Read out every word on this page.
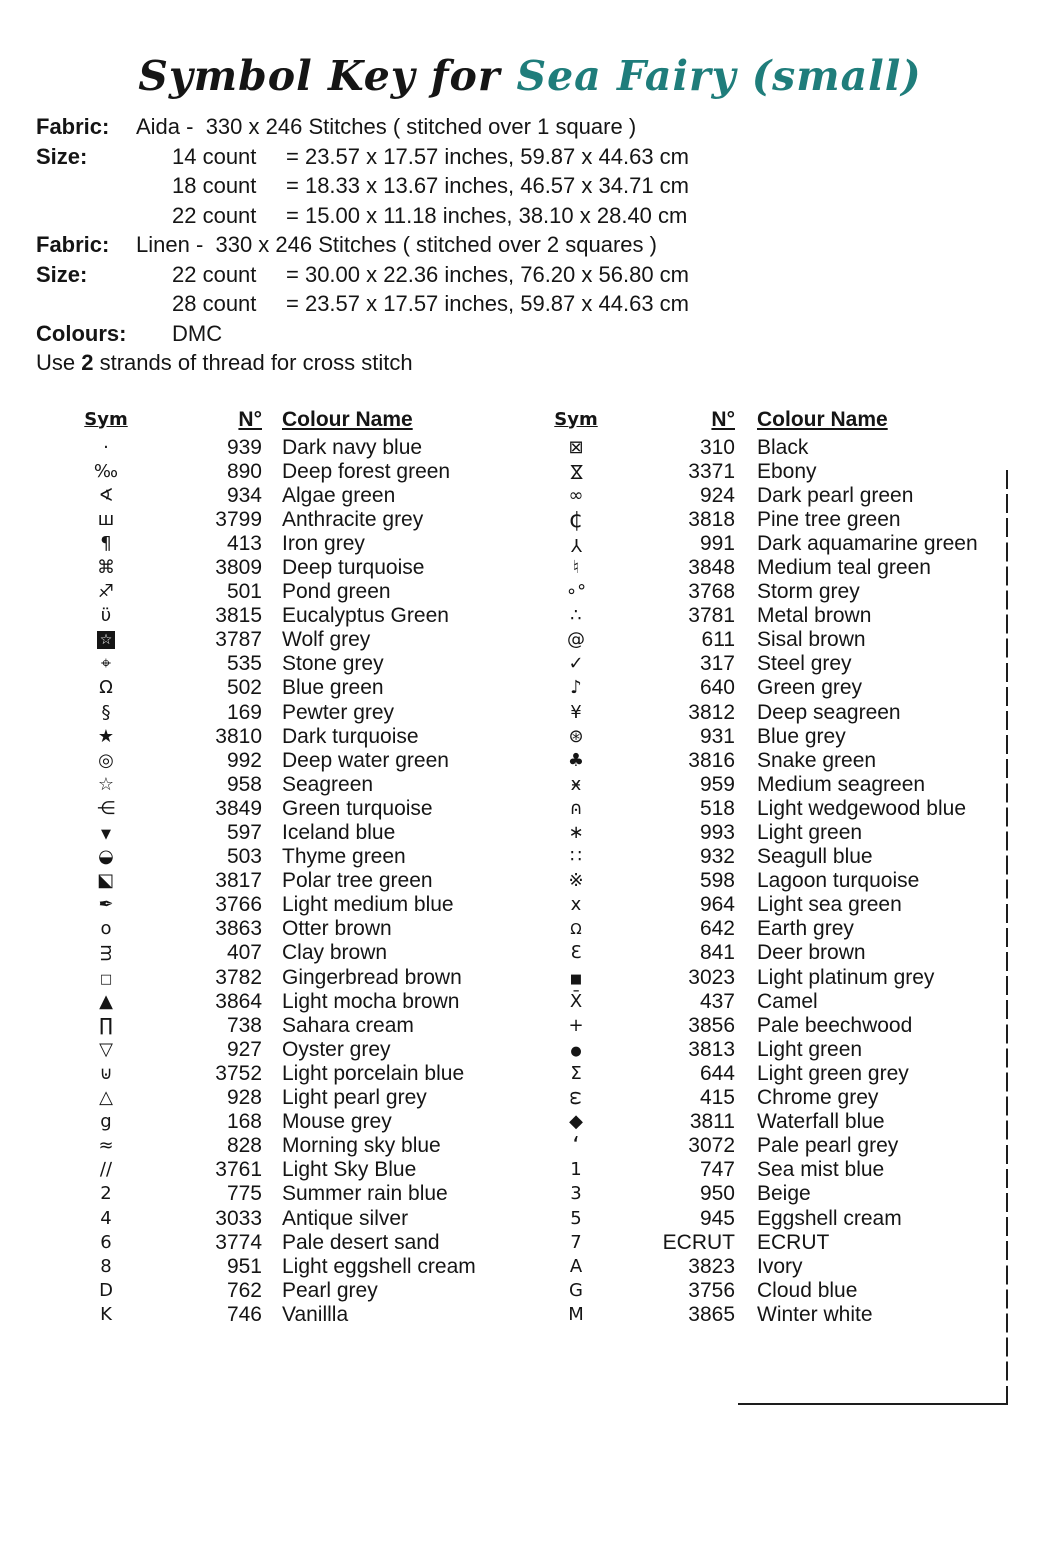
Symbol Key for Sea Fairy (small)
Fabric: Aida -  330 x 246 Stitches ( stitched over 1 square )
Size:	14 count = 23.57 x 17.57 inches, 59.87 x 44.63 cm
18 count = 18.33 x 13.67 inches, 46.57 x 34.71 cm
22 count = 15.00 x 11.18 inches, 38.10 x 28.40 cm
Fabric: Linen -  330 x 246 Stitches ( stitched over 2 squares )
Size:	22 count = 30.00 x 22.36 inches, 76.20 x 56.80 cm
28 count = 23.57 x 17.57 inches, 59.87 x 44.63 cm
Colours: DMC
Use 2 strands of thread for cross stitch
Sym	N° Colour Name
·	939 Dark navy blue
‰	890 Deep forest green
∢	934 Algae green
ш	3799 Anthracite grey
¶	413 Iron grey
⌘	3809 Deep turquoise
♐	501 Pond green
ϋ	3815 Eucalyptus Green
☆	3787 Wolf grey
⌖	535 Stone grey
Ω	502 Blue green
§	169 Pewter grey
★	3810 Dark turquoise
◎	992 Deep water green
☆	958 Seagreen
⋲	3849 Green turquoise
▼	597 Iceland blue
◒	503 Thyme green
◪	3817 Polar tree green
✒	3766 Light medium blue
o	3863 Otter brown
m	407 Clay brown
□	3782 Gingerbread brown
▲	3864 Light mocha brown
∏	738 Sahara cream
▽	927 Oyster grey
⊍	3752 Light porcelain blue
△	928 Light pearl grey
g	168 Mouse grey
≈	828 Morning sky blue
∕∕	3761 Light Sky Blue
2	775 Summer rain blue
4	3033 Antique silver
6	3774 Pale desert sand
8	951 Light eggshell cream
D	762 Pearl grey
K	746 Vanillla
Sym	N°	Colour Name
⊠	310	Black
⋈	3371	Ebony
∞	924	Dark pearl green
¢	3818	Pine tree green
Y	991	Dark aquamarine green
♮	3848	Medium teal green
∘°	3768	Storm grey
∴	3781	Metal brown
@	611	Sisal brown
✓	317	Steel grey
♪	640	Green grey
¥	3812	Deep seagreen
⊛	931	Blue grey
♣	3816	Snake green
ӿ	959	Medium seagreen
∩ •	518	Light wedgewood blue
∗	993	Light green
∷	932	Seagull blue
※	598	Lagoon turquoise
x	964	Light sea green
Ω	642	Earth grey
Ɛ	841	Deer brown
■	3023	Light platinum grey
X̄	437	Camel
+	3856	Pale beechwood
●	3813	Light green
Σ	644	Light green grey
ω	415	Chrome grey
◆	3811	Waterfall blue
‘	3072	Pale pearl grey
1	747	Sea mist blue
3	950	Beige
5	945	Eggshell cream
7	ECRUT	ECRUT
A	3823	Ivory
G	3756	Cloud blue
M	3865	Winter white
